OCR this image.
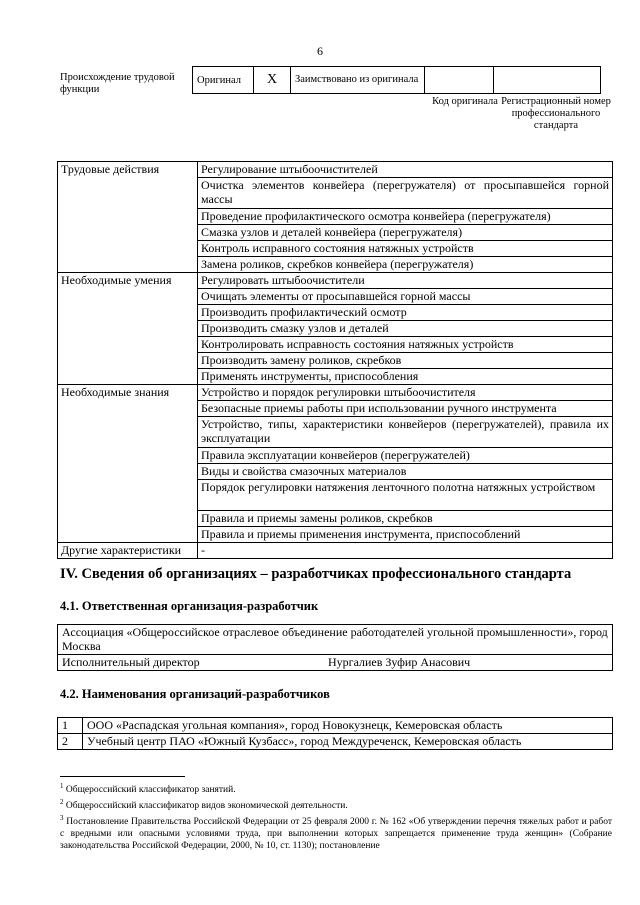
6
Происхождение трудовой функции
Оригинал	X	Заимствовано из оригинала		
Код оригинала Регистрационный номер профессионального стандарта
Трудовые действия	Регулирование штыбоочистителей
	Очистка элементов конвейера (перегружателя) от просыпавшейся горной массы
	Проведение профилактического осмотра конвейера (перегружателя)
	Смазка узлов и деталей конвейера (перегружателя)
	Контроль исправного состояния натяжных устройств
	Замена роликов, скребков конвейера (перегружателя)
Необходимые умения	Регулировать штыбоочистители
	Очищать элементы от просыпавшейся горной массы
	Производить профилактический осмотр
	Производить смазку узлов и деталей
	Контролировать исправность состояния натяжных устройств
	Производить замену роликов, скребков
	Применять инструменты, приспособления
Необходимые знания	Устройство и порядок регулировки штыбоочистителя
	Безопасные приемы работы при использовании ручного инструмента
	Устройство, типы, характеристики конвейеров (перегружателей), правила их эксплуатации
	Правила эксплуатации конвейеров (перегружателей)
	Виды и свойства смазочных материалов
	Порядок регулировки натяжения ленточного полотна натяжных устройством
	Правила и приемы замены роликов, скребков
	Правила и приемы применения инструмента, приспособлений
Другие характеристики	-
IV. Сведения об организациях – разработчиках профессионального стандарта
4.1. Ответственная организация-разработчик
Ассоциация «Общероссийское отраслевое объединение работодателей угольной промышленности», город Москва
Исполнительный директор	Нургалиев Зуфир Анасович
4.2. Наименования организаций-разработчиков
1	ООО «Распадская угольная компания», город Новокузнецк, Кемеровская область
2	Учебный центр ПАО «Южный Кузбасс», город Междуреченск, Кемеровская область

$^1$ Общероссийский классификатор занятий.

$^2$ Общероссийский классификатор видов экономической деятельности.

$^3$ Постановление Правительства Российской Федерации от 25 февраля 2000 г. № 162 «Об утверждении перечня тяжелых работ и работ с вредными или опасными условиями труда, при выполнении которых запрещается применение труда женщин» (Собрание законодательства Российской Федерации, 2000, № 10, ст. 1130); постановление
